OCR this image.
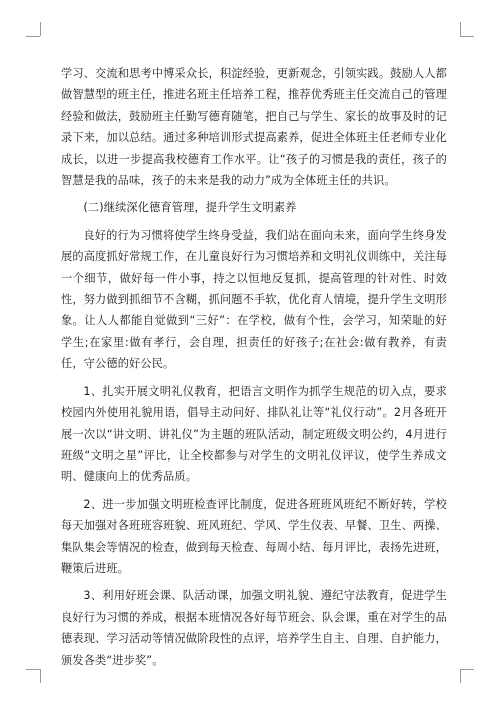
学习、交流和思考中博采众长，积淀经验，更新观念，引领实践。鼓励人人都做智慧型的班主任，推进名班主任培养工程，推荐优秀班主任交流自己的管理经验和做法，鼓励班主任勤写德育随笔，把自己与学生、家长的故事及时的记录下来，加以总结。通过多种培训形式提高素养，促进全体班主任老师专业化成长，以进一步提高我校德育工作水平。让“孩子的习惯是我的责任，孩子的智慧是我的品味，孩子的未来是我的动力”成为全体班主任的共识。

(二)继续深化德育管理，提升学生文明素养

良好的行为习惯将使学生终身受益，我们站在面向未来，面向学生终身发展的高度抓好常规工作，在儿童良好行为习惯培养和文明礼仪训练中，关注每一个细节，做好每一件小事，持之以恒地反复抓，提高管理的针对性、时效性，努力做到抓细节不含糊，抓问题不手软，优化育人情境，提升学生文明形象。让人人都能自觉做到“三好”：在学校，做有个性，会学习，知荣耻的好学生;在家里:做有孝行，会自理，担责任的好孩子;在社会:做有教养，有责任，守公德的好公民。

1、扎实开展文明礼仪教育，把语言文明作为抓学生规范的切入点，要求校园内外使用礼貌用语，倡导主动问好、排队礼让等“礼仪行动”。2月各班开展一次以“讲文明、讲礼仪”为主题的班队活动，制定班级文明公约，4月进行班级“文明之星”评比，让全校都参与对学生的文明礼仪评议，使学生养成文明、健康向上的优秀品质。

2、进一步加强文明班检查评比制度，促进各班班风班纪不断好转，学校每天加强对各班班容班貌、班风班纪、学风、学生仪表、早餐、卫生、两操、集队集会等情况的检查，做到每天检查、每周小结、每月评比，表扬先进班，鞭策后进班。

3、利用好班会课、队活动课，加强文明礼貌、遵纪守法教育，促进学生良好行为习惯的养成，根据本班情况各好每节班会、队会课，重在对学生的品德表现、学习活动等情况做阶段性的点评，培养学生自主、自理、自护能力，颁发各类“进步奖”。
